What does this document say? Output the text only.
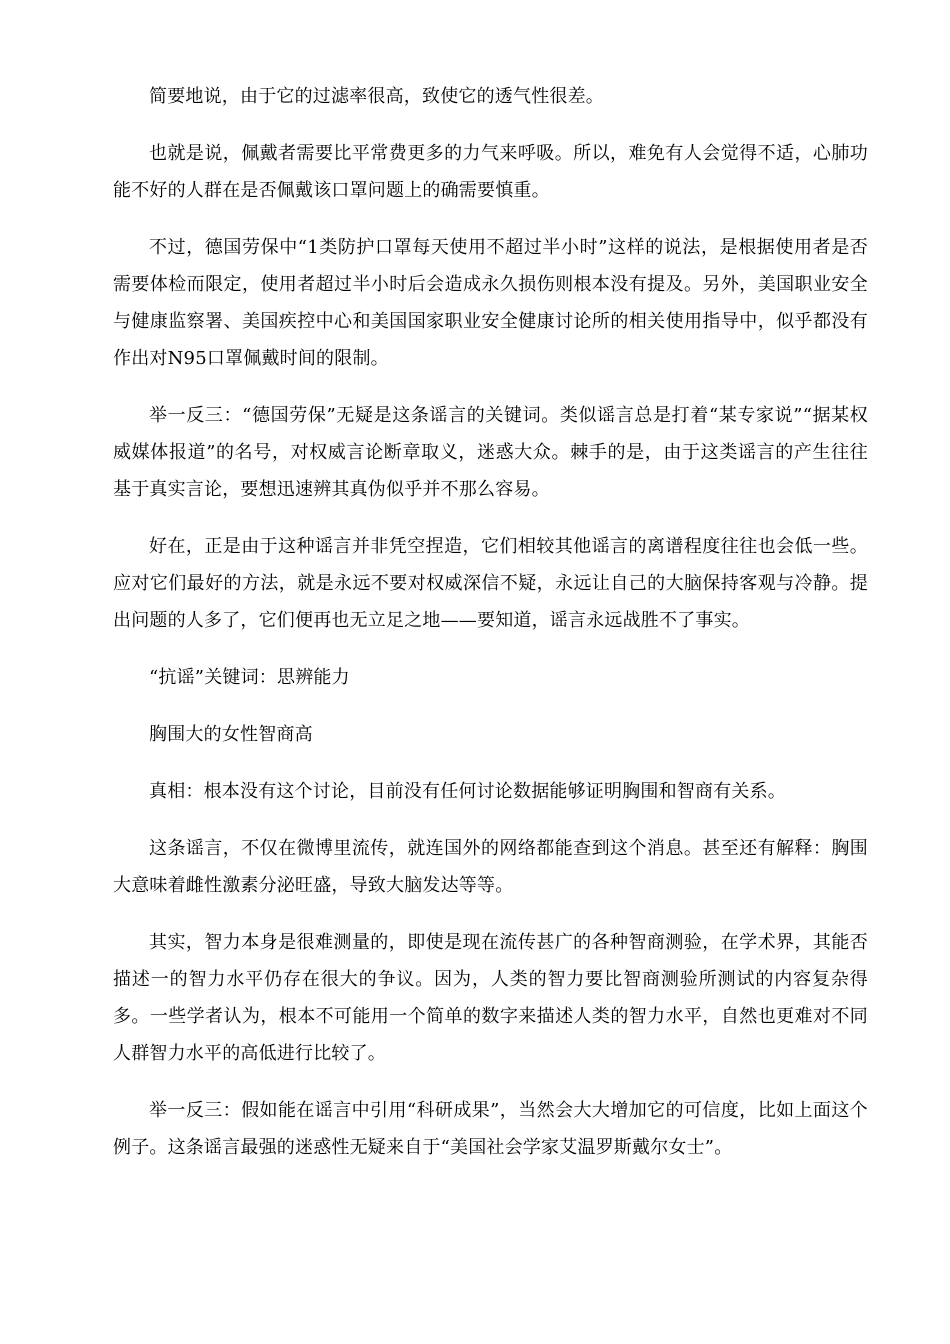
简要地说，由于它的过滤率很高，致使它的透气性很差。

也就是说，佩戴者需要比平常费更多的力气来呼吸。所以，难免有人会觉得不适，心肺功能不好的人群在是否佩戴该口罩问题上的确需要慎重。

不过，德国劳保中“1类防护口罩每天使用不超过半小时”这样的说法，是根据使用者是否需要体检而限定，使用者超过半小时后会造成永久损伤则根本没有提及。另外，美国职业安全与健康监察署、美国疾控中心和美国国家职业安全健康讨论所的相关使用指导中，似乎都没有作出对N95口罩佩戴时间的限制。

举一反三：“德国劳保”无疑是这条谣言的关键词。类似谣言总是打着“某专家说”“据某权威媒体报道”的名号，对权威言论断章取义，迷惑大众。棘手的是，由于这类谣言的产生往往基于真实言论，要想迅速辨其真伪似乎并不那么容易。

好在，正是由于这种谣言并非凭空捏造，它们相较其他谣言的离谱程度往往也会低一些。应对它们最好的方法，就是永远不要对权威深信不疑，永远让自己的大脑保持客观与冷静。提出问题的人多了，它们便再也无立足之地——要知道，谣言永远战胜不了事实。

“抗谣”关键词：思辨能力

胸围大的女性智商高

真相：根本没有这个讨论，目前没有任何讨论数据能够证明胸围和智商有关系。

这条谣言，不仅在微博里流传，就连国外的网络都能查到这个消息。甚至还有解释：胸围大意味着雌性激素分泌旺盛，导致大脑发达等等。

其实，智力本身是很难测量的，即使是现在流传甚广的各种智商测验，在学术界，其能否描述一的智力水平仍存在很大的争议。因为，人类的智力要比智商测验所测试的内容复杂得多。一些学者认为，根本不可能用一个简单的数字来描述人类的智力水平，自然也更难对不同人群智力水平的高低进行比较了。

举一反三：假如能在谣言中引用“科研成果”，当然会大大增加它的可信度，比如上面这个例子。这条谣言最强的迷惑性无疑来自于“美国社会学家艾温罗斯戴尔女士”。
